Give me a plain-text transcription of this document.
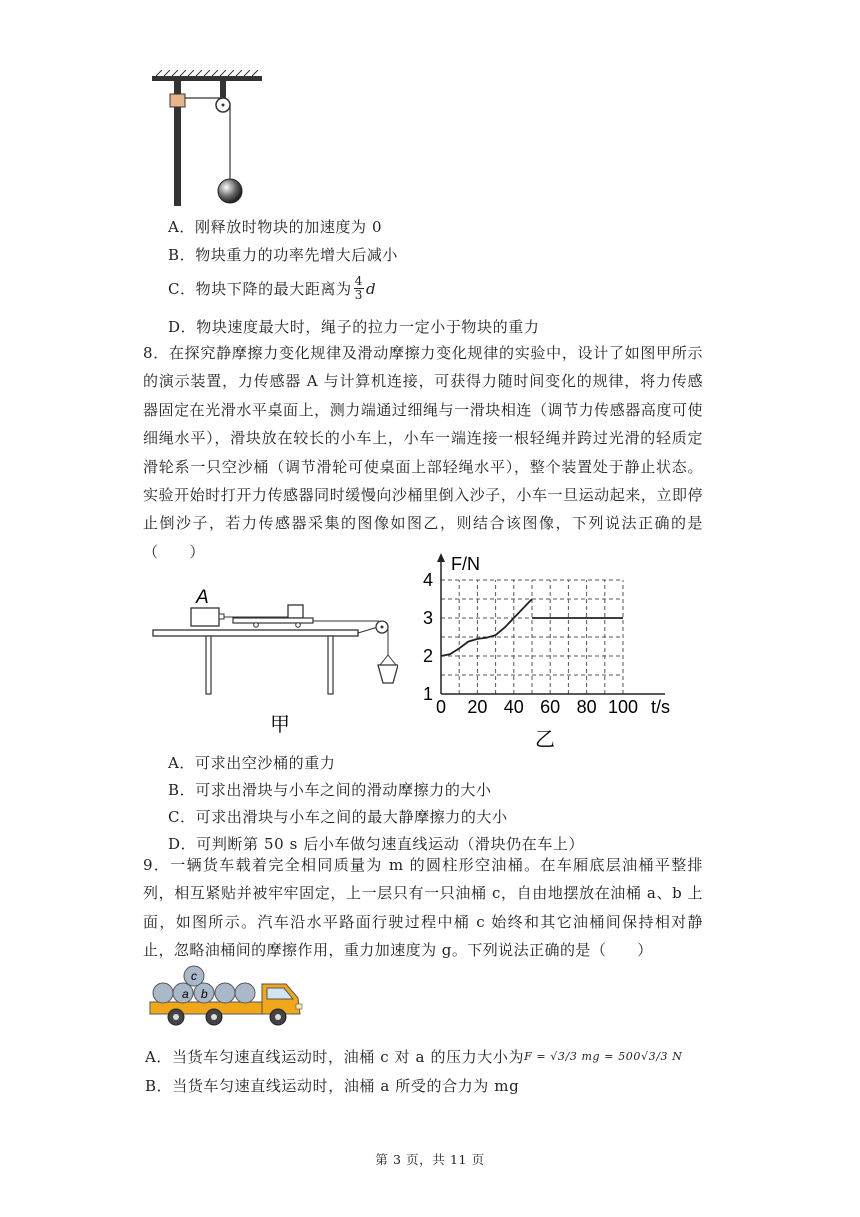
A．刚释放时物块的加速度为 0
B．物块重力的功率先增大后减小
C．物块下降的最大距离为 $\frac{4}{3}$ d
D．物块速度最大时，绳子的拉力一定小于物块的重力
8．在探究静摩擦力变化规律及滑动摩擦力变化规律的实验中，设计了如图甲所示的演示装置，力传感器 A 与计算机连接，可获得力随时间变化的规律，将力传感器固定在光滑水平桌面上，测力端通过细绳与一滑块相连（调节力传感器高度可使细绳水平），滑块放在较长的小车上，小车一端连接一根轻绳并跨过光滑的轻质定滑轮系一只空沙桶（调节滑轮可使桌面上部轻绳水平），整个装置处于静止状态。实验开始时打开力传感器同时缓慢向沙桶里倒入沙子，小车一旦运动起来，立即停止倒沙子，若力传感器采集的图像如图乙，则结合该图像，下列说法正确的是（　　）
A
甲
F/N
t/s
0 20 40 60 80 100
1
2
3
4
乙
A．可求出空沙桶的重力
B．可求出滑块与小车之间的滑动摩擦力的大小
C．可求出滑块与小车之间的最大静摩擦力的大小
D．可判断第 50 s 后小车做匀速直线运动（滑块仍在车上）
9．一辆货车载着完全相同质量为 m 的圆柱形空油桶。在车厢底层油桶平整排列，相互紧贴并被牢牢固定，上一层只有一只油桶 c，自由地摆放在油桶 a、b 上面，如图所示。汽车沿水平路面行驶过程中桶 c 始终和其它油桶间保持相对静止，忽略油桶间的摩擦作用，重力加速度为 g。下列说法正确的是（　　）
a b
c
A．当货车匀速直线运动时，油桶 c 对 a 的压力大小为 F = √3/3 mg = 500√3/3 N
B．当货车匀速直线运动时，油桶 a 所受的合力为 mg
第 3 页，共 11 页
